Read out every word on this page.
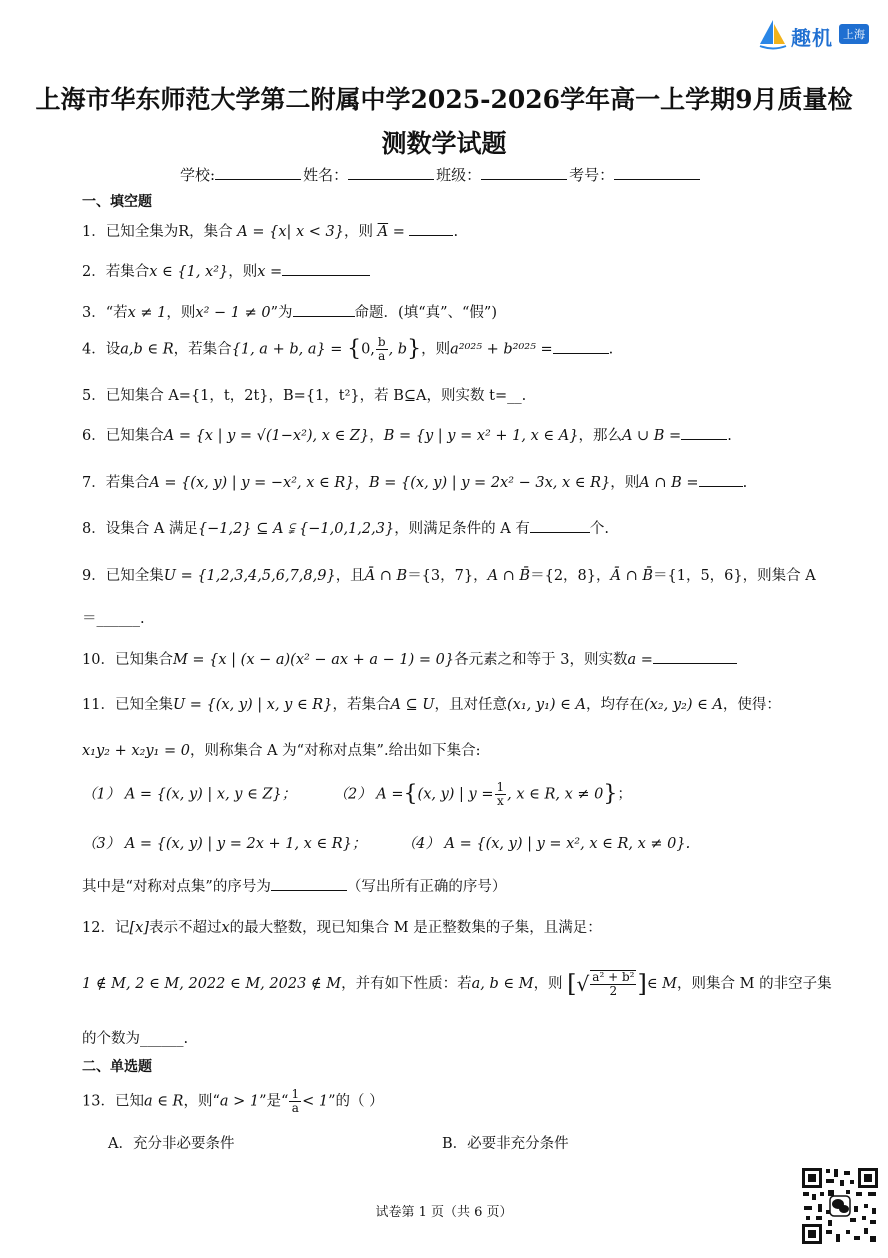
趣机 上海
上海市华东师范大学第二附属中学2025-2026学年高一上学期9月质量检
测数学试题
学校:	姓名：	班级：	考号：
一、填空题
1．已知全集为R，集合 A = {x| x < 3}，则 $\overline{A}$ =	.
2．若集合x ∈ {1, x²}，则x =
3．“若x ≠ 1，则x² − 1 ≠ 0”为	命题．(填“真”、“假”)
4．设a,b ∈ R，若集合{1, a + b, a} = {0, $\frac{b}{a}$ , b}，则a²⁰²⁵ + b²⁰²⁵ =	.
5．已知集合 A={1，t，2t}，B={1，t²}，若 B⊆A，则实数 t=__.
6．已知集合A = {x | y = √(1−x²), x ∈ Z}，B = {y | y = x² + 1, x ∈ A}，那么A ∪ B =	.
7．若集合A = {(x, y) | y = −x², x ∈ R}，B = {(x, y) | y = 2x² − 3x, x ∈ R}，则A ∩ B =	.
8．设集合 A 满足{−1,2} ⊆ A ⫋ {−1,0,1,2,3}，则满足条件的 A 有	个.
9．已知全集U = {1,2,3,4,5,6,7,8,9}，且Ā ∩ B＝{3，7}，A ∩ B̄＝{2，8}，Ā ∩ B̄＝{1，5，6}，则集合 A
＝______.
10．已知集合M = {x | (x − a)(x² − ax + a − 1) = 0}各元素之和等于 3，则实数a =
11．已知全集U = {(x, y) | x, y ∈ R}，若集合A ⊆ U，且对任意(x₁, y₁) ∈ A，均存在(x₂, y₂) ∈ A，使得：
x₁y₂ + x₂y₁ = 0，则称集合 A 为“对称对点集”.给出如下集合:
（1） A = {(x, y) | x, y ∈ Z}；	（2） A ={(x, y) | $y = \frac{1}{x}$ , x ∈ R, x ≠ 0}；
（3） A = {(x, y) | y = 2x + 1, x ∈ R}； （4） A = {(x, y) | y = x², x ∈ R, x ≠ 0}.
其中是“对称对点集”的序号为	（写出所有正确的序号）
12．记[x]表示不超过x的最大整数，现已知集合 M 是正整数集的子集，且满足：
1 ∉ M, 2 ∈ M, 2022 ∈ M, 2023 ∉ M，并有如下性质：若a, b ∈ M，则 [√ $\frac{\text{a² + b²}}{2}$ ]∈ M，则集合 M 的非空子集
的个数为______.
二、单选题
13．已知a ∈ R，则“a > 1”是“ $\frac{1}{a} < 1$”的（ ）
A．充分非必要条件	B．必要非充分条件
试卷第 1 页（共 6 页）
